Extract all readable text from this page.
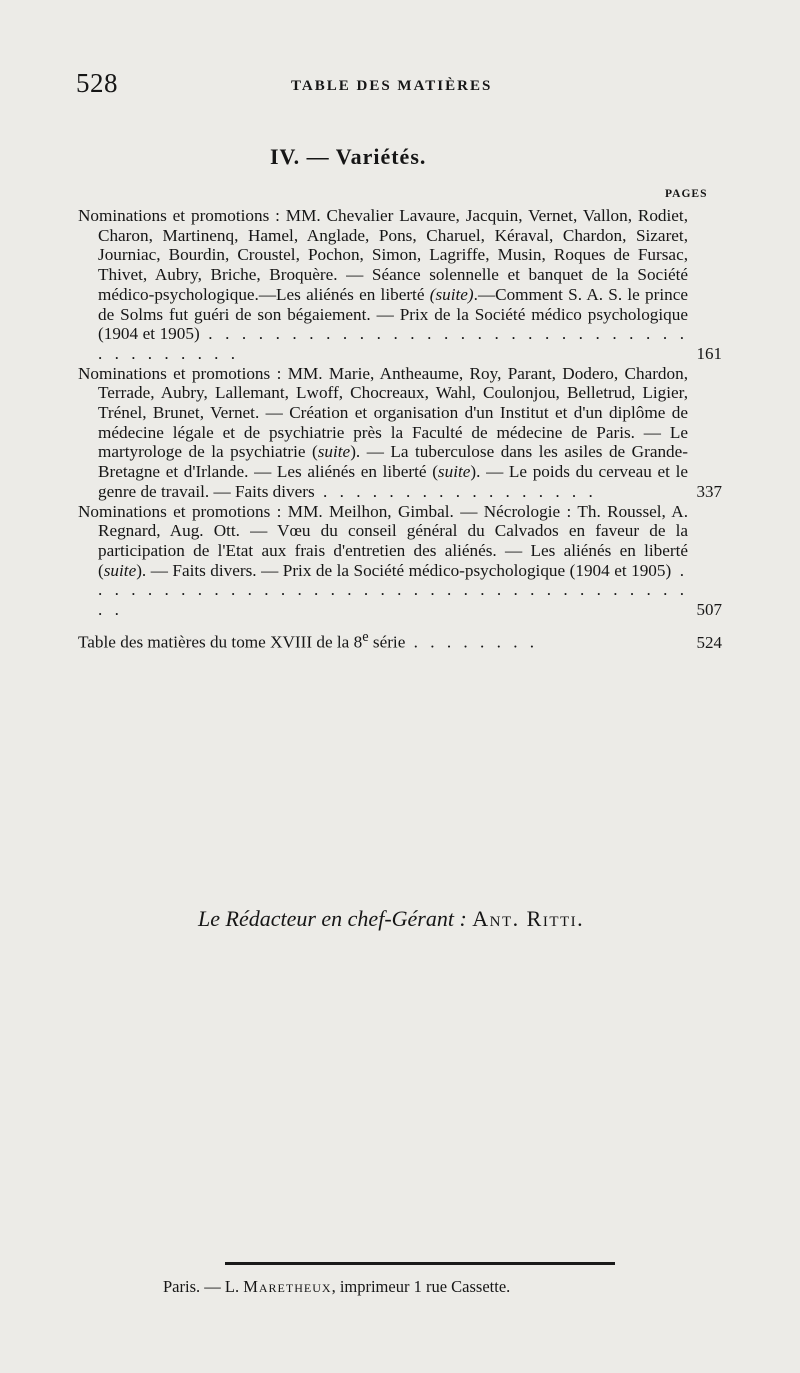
528	TABLE DES MATIÈRES
IV. — Variétés.
PAGES
Nominations et promotions : MM. Chevalier Lavaure, Jacquin, Vernet, Vallon, Rodiet, Charon, Martinenq, Hamel, Anglade, Pons, Charuel, Kéraval, Chardon, Sizaret, Journiac, Bourdin, Croustel, Pochon, Simon, Lagriffe, Musin, Roques de Fursac, Thivet, Aubry, Briche, Broquère. — Séance solennelle et banquet de la Société médico-psychologique.—Les aliénés en liberté (suite).—Comment S. A. S. le prince de Solms fut guéri de son bégaiement. — Prix de la Société médico psychologique (1904 et 1905) . . . . . . . . . . . . . . . . . . . . . . . . . . . . . . . . . . . . . .	161
Nominations et promotions : MM. Marie, Antheaume, Roy, Parant, Dodero, Chardon, Terrade, Aubry, Lallemant, Lwoff, Chocreaux, Wahl, Coulonjou, Belletrud, Ligier, Trénel, Brunet, Vernet. — Création et organisation d'un Institut et d'un diplôme de médecine légale et de psychiatrie près la Faculté de médecine de Paris. — Le martyrologe de la psychiatrie (suite). — La tuberculose dans les asiles de Grande-Bretagne et d'Irlande. — Les aliénés en liberté (suite). — Le poids du cerveau et le genre de travail. — Faits divers . . . . . . . . . . . . . . . . .	337
Nominations et promotions : MM. Meilhon, Gimbal. — Nécrologie : Th. Roussel, A. Regnard, Aug. Ott. — Vœu du conseil général du Calvados en faveur de la participation de l'Etat aux frais d'entretien des aliénés. — Les aliénés en liberté (suite). — Faits divers. — Prix de la Société médico-psychologique (1904 et 1905) . . . . . . . . . . . . . . . . . . . . . . . . . . . . . . . . . . . . . . .	507
Table des matières du tome XVIII de la 8e série . . . . . . . .	524
Le Rédacteur en chef-Gérant : Ant. Ritti.
Paris. — L. Maretheux, imprimeur 1 rue Cassette.
